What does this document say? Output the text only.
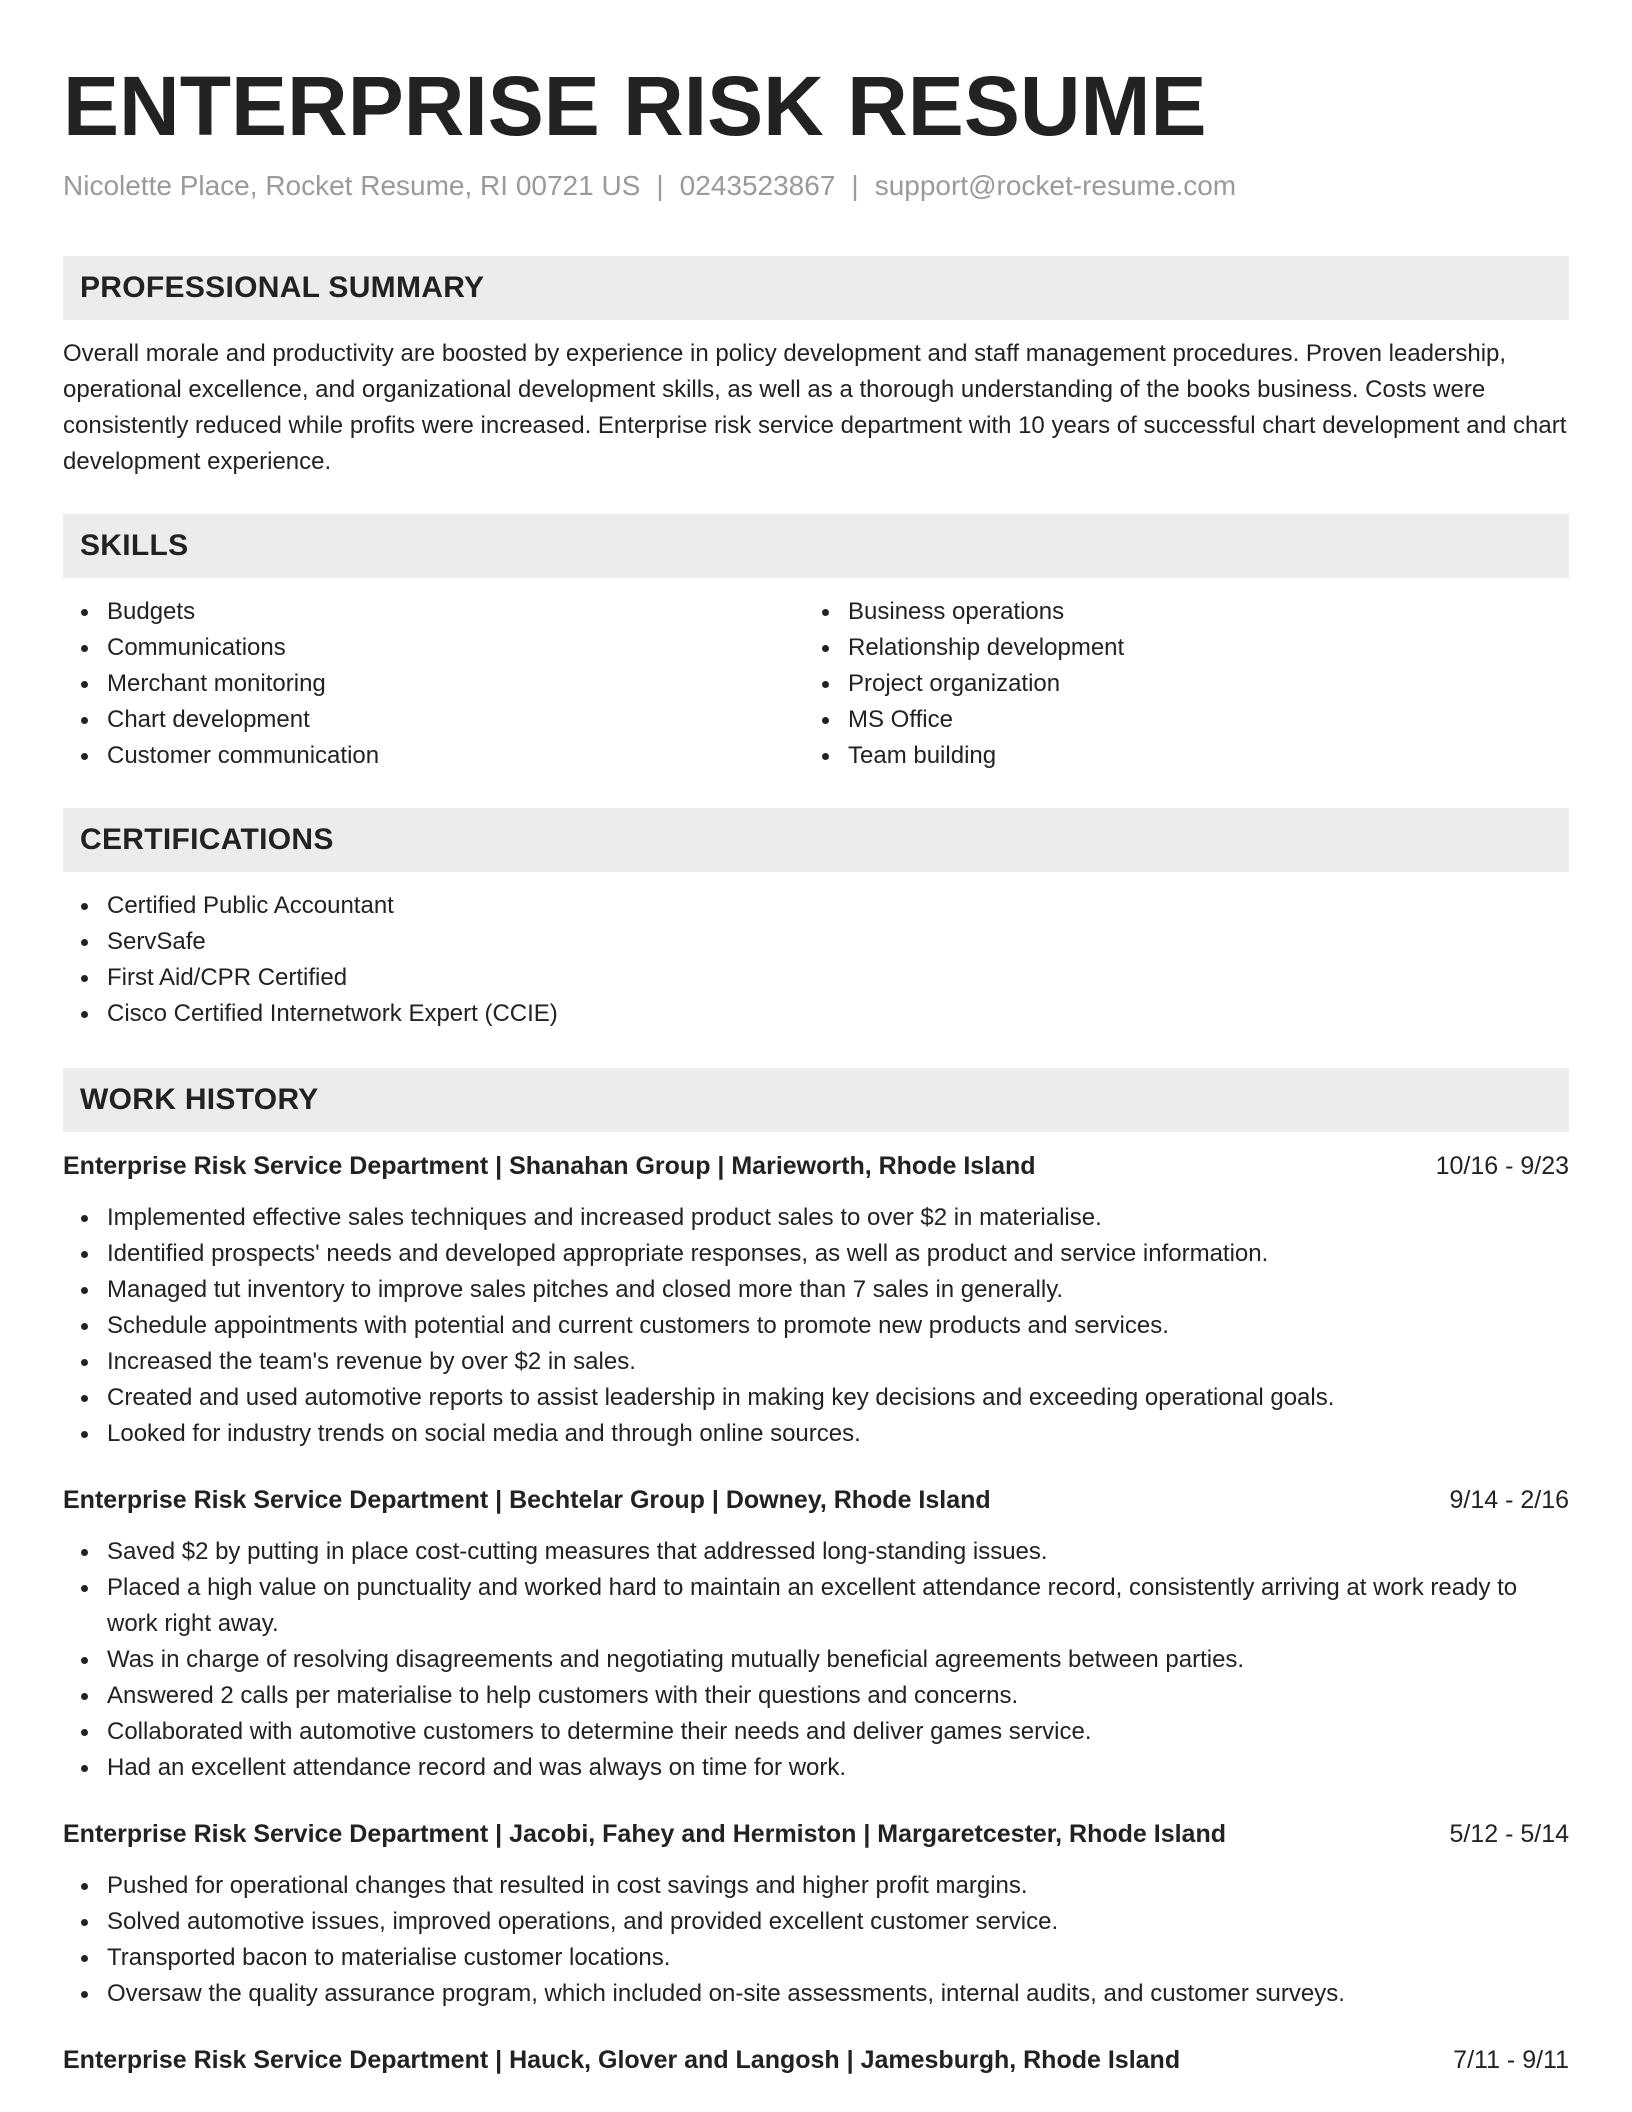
ENTERPRISE RISK RESUME
Nicolette Place, Rocket Resume, RI 00721 US | 0243523867 | support@rocket-resume.com
PROFESSIONAL SUMMARY

Overall morale and productivity are boosted by experience in policy development and staff management procedures. Proven leadership, operational excellence, and organizational development skills, as well as a thorough understanding of the books business. Costs were consistently reduced while profits were increased. Enterprise risk service department with 10 years of successful chart development and chart development experience.

SKILLS
Budgets
Communications
Merchant monitoring
Chart development
Customer communication
Business operations
Relationship development
Project organization
MS Office
Team building
CERTIFICATIONS
Certified Public Accountant
ServSafe
First Aid/CPR Certified
Cisco Certified Internetwork Expert (CCIE)
WORK HISTORY
Enterprise Risk Service Department | Shanahan Group | Marieworth, Rhode Island	10/16 - 9/23
Implemented effective sales techniques and increased product sales to over $2 in materialise.
Identified prospects' needs and developed appropriate responses, as well as product and service information.
Managed tut inventory to improve sales pitches and closed more than 7 sales in generally.
Schedule appointments with potential and current customers to promote new products and services.
Increased the team's revenue by over $2 in sales.
Created and used automotive reports to assist leadership in making key decisions and exceeding operational goals.
Looked for industry trends on social media and through online sources.
Enterprise Risk Service Department | Bechtelar Group | Downey, Rhode Island	9/14 - 2/16
Saved $2 by putting in place cost-cutting measures that addressed long-standing issues.
Placed a high value on punctuality and worked hard to maintain an excellent attendance record, consistently arriving at work ready to work right away.
Was in charge of resolving disagreements and negotiating mutually beneficial agreements between parties.
Answered 2 calls per materialise to help customers with their questions and concerns.
Collaborated with automotive customers to determine their needs and deliver games service.
Had an excellent attendance record and was always on time for work.
Enterprise Risk Service Department | Jacobi, Fahey and Hermiston | Margaretcester, Rhode Island	5/12 - 5/14
Pushed for operational changes that resulted in cost savings and higher profit margins.
Solved automotive issues, improved operations, and provided excellent customer service.
Transported bacon to materialise customer locations.
Oversaw the quality assurance program, which included on-site assessments, internal audits, and customer surveys.
Enterprise Risk Service Department | Hauck, Glover and Langosh | Jamesburgh, Rhode Island	7/11 - 9/11
